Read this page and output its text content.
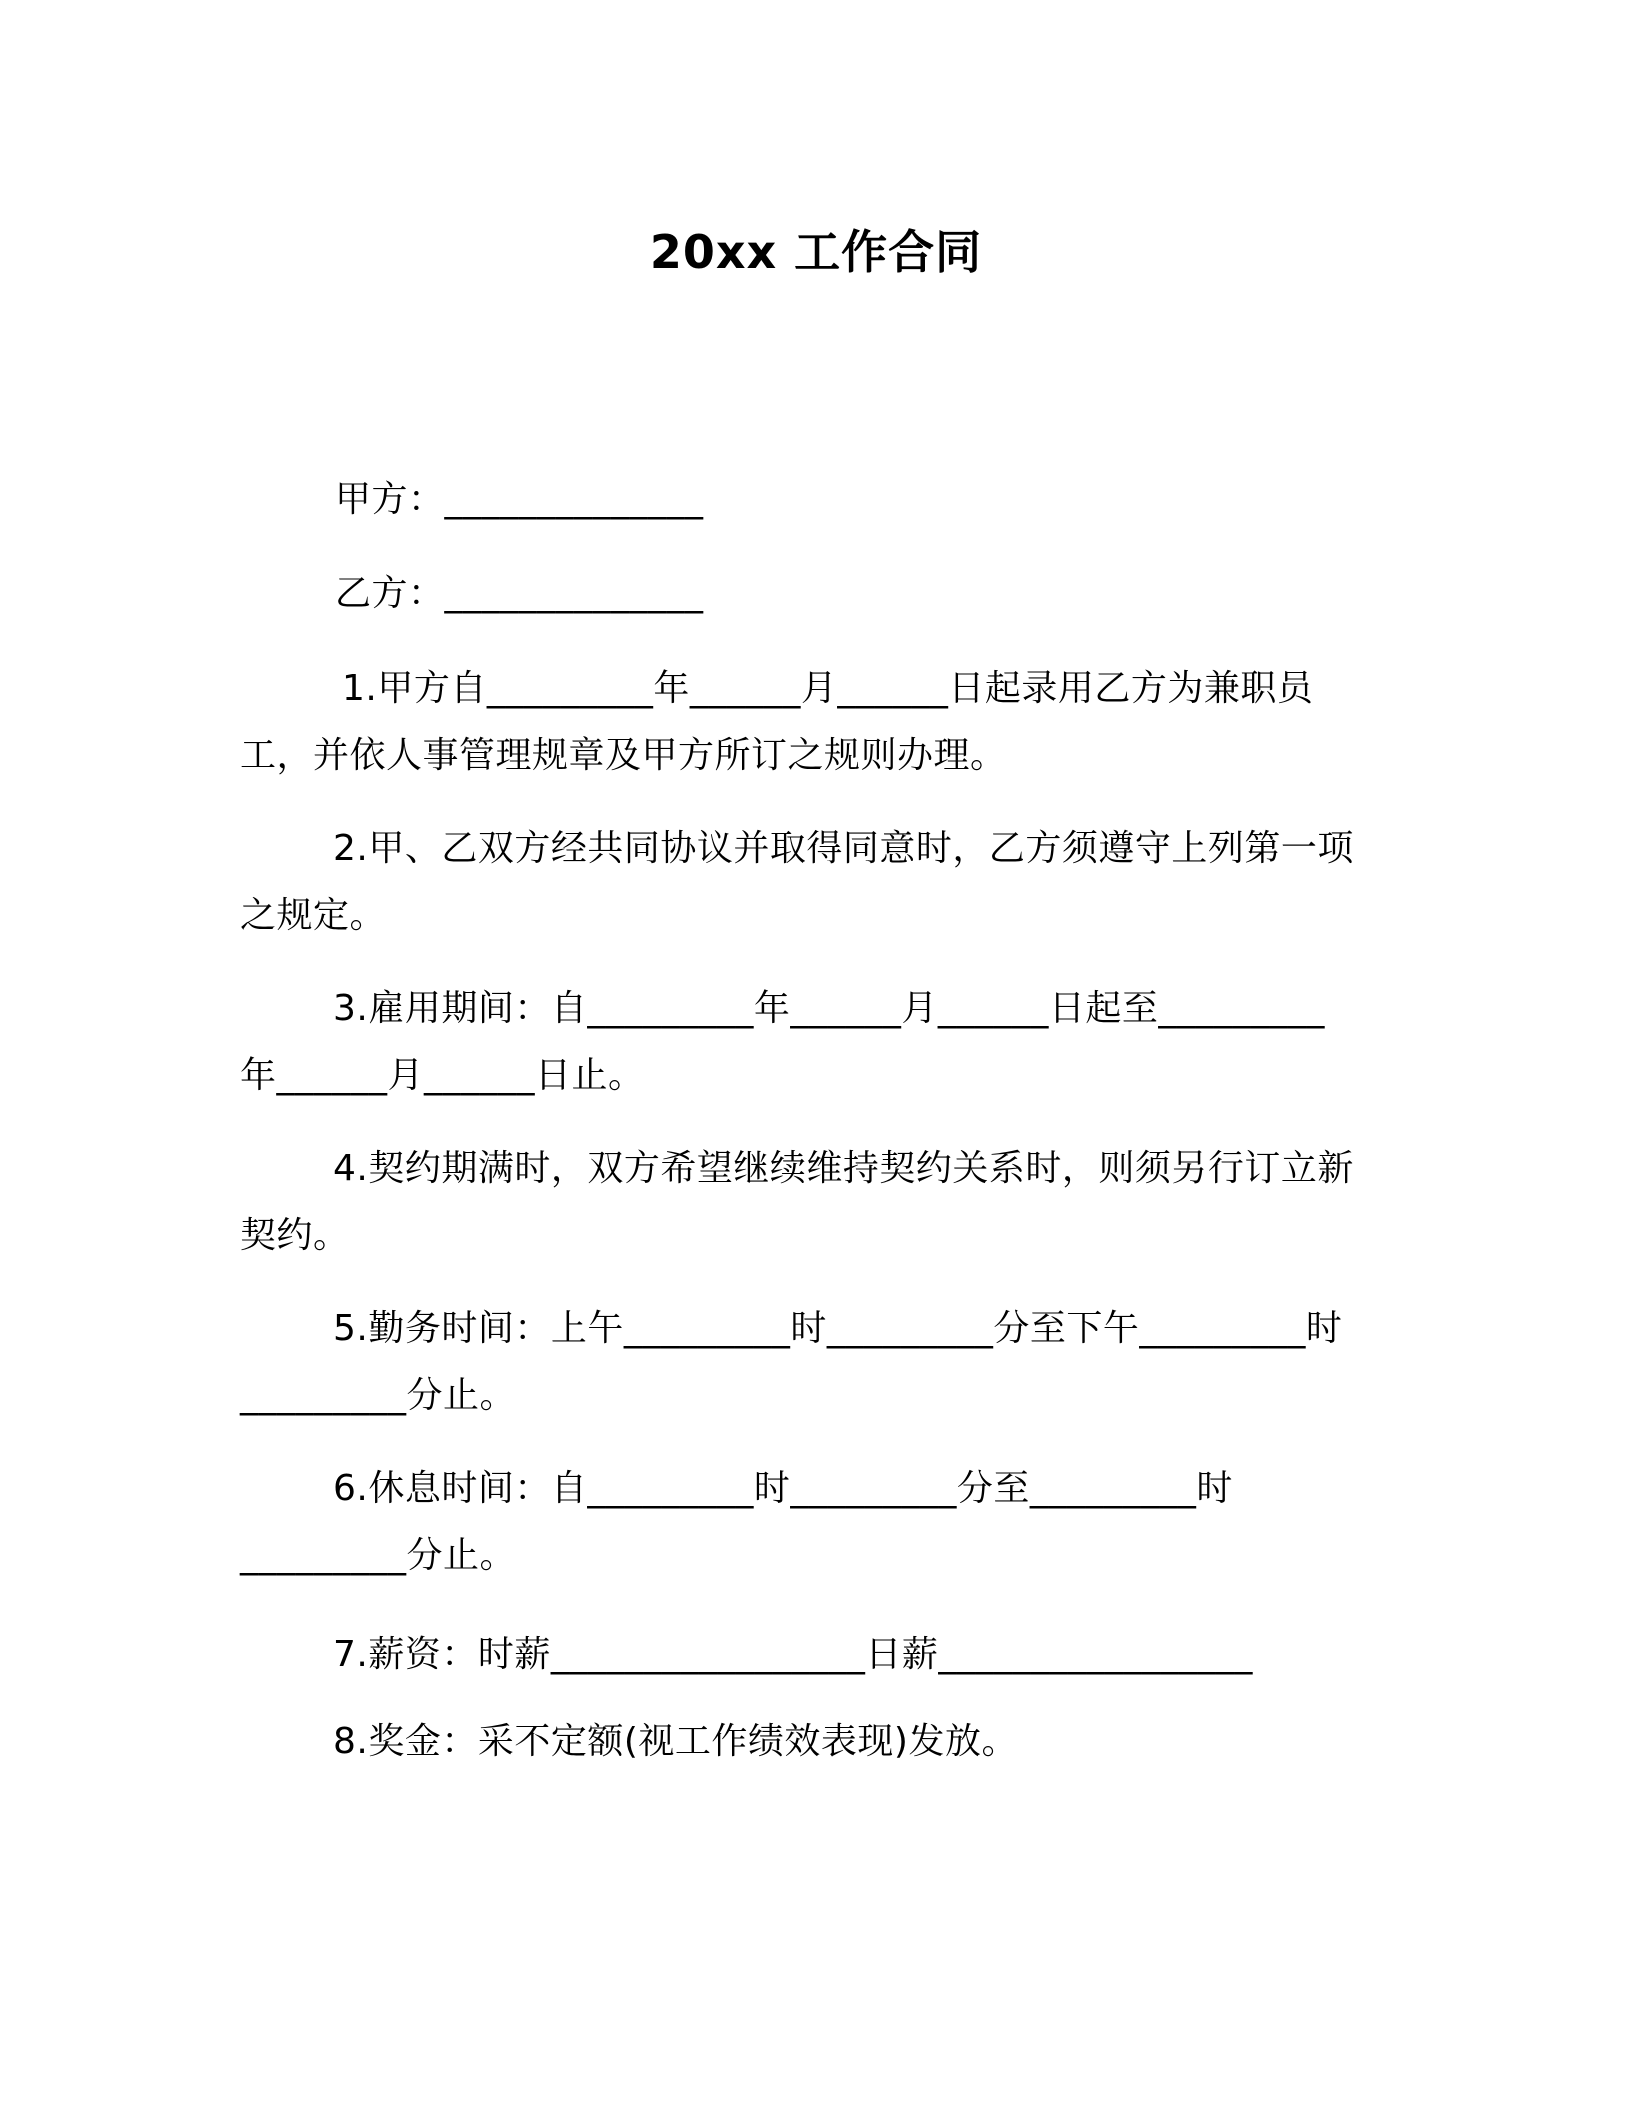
20xx 工作合同
甲方：______________
乙方：______________
1.甲方自_________年______月______日起录用乙方为兼职员
工，并依人事管理规章及甲方所订之规则办理。
2.甲、乙双方经共同协议并取得同意时，乙方须遵守上列第一项
之规定。
3.雇用期间：自_________年______月______日起至_________
年______月______日止。
4.契约期满时，双方希望继续维持契约关系时，则须另行订立新
契约。
5.勤务时间：上午_________时_________分至下午_________时
_________分止。
6.休息时间：自_________时_________分至_________时
_________分止。
7.薪资：时薪_________________日薪_________________
8.奖金：采不定额(视工作绩效表现)发放。
